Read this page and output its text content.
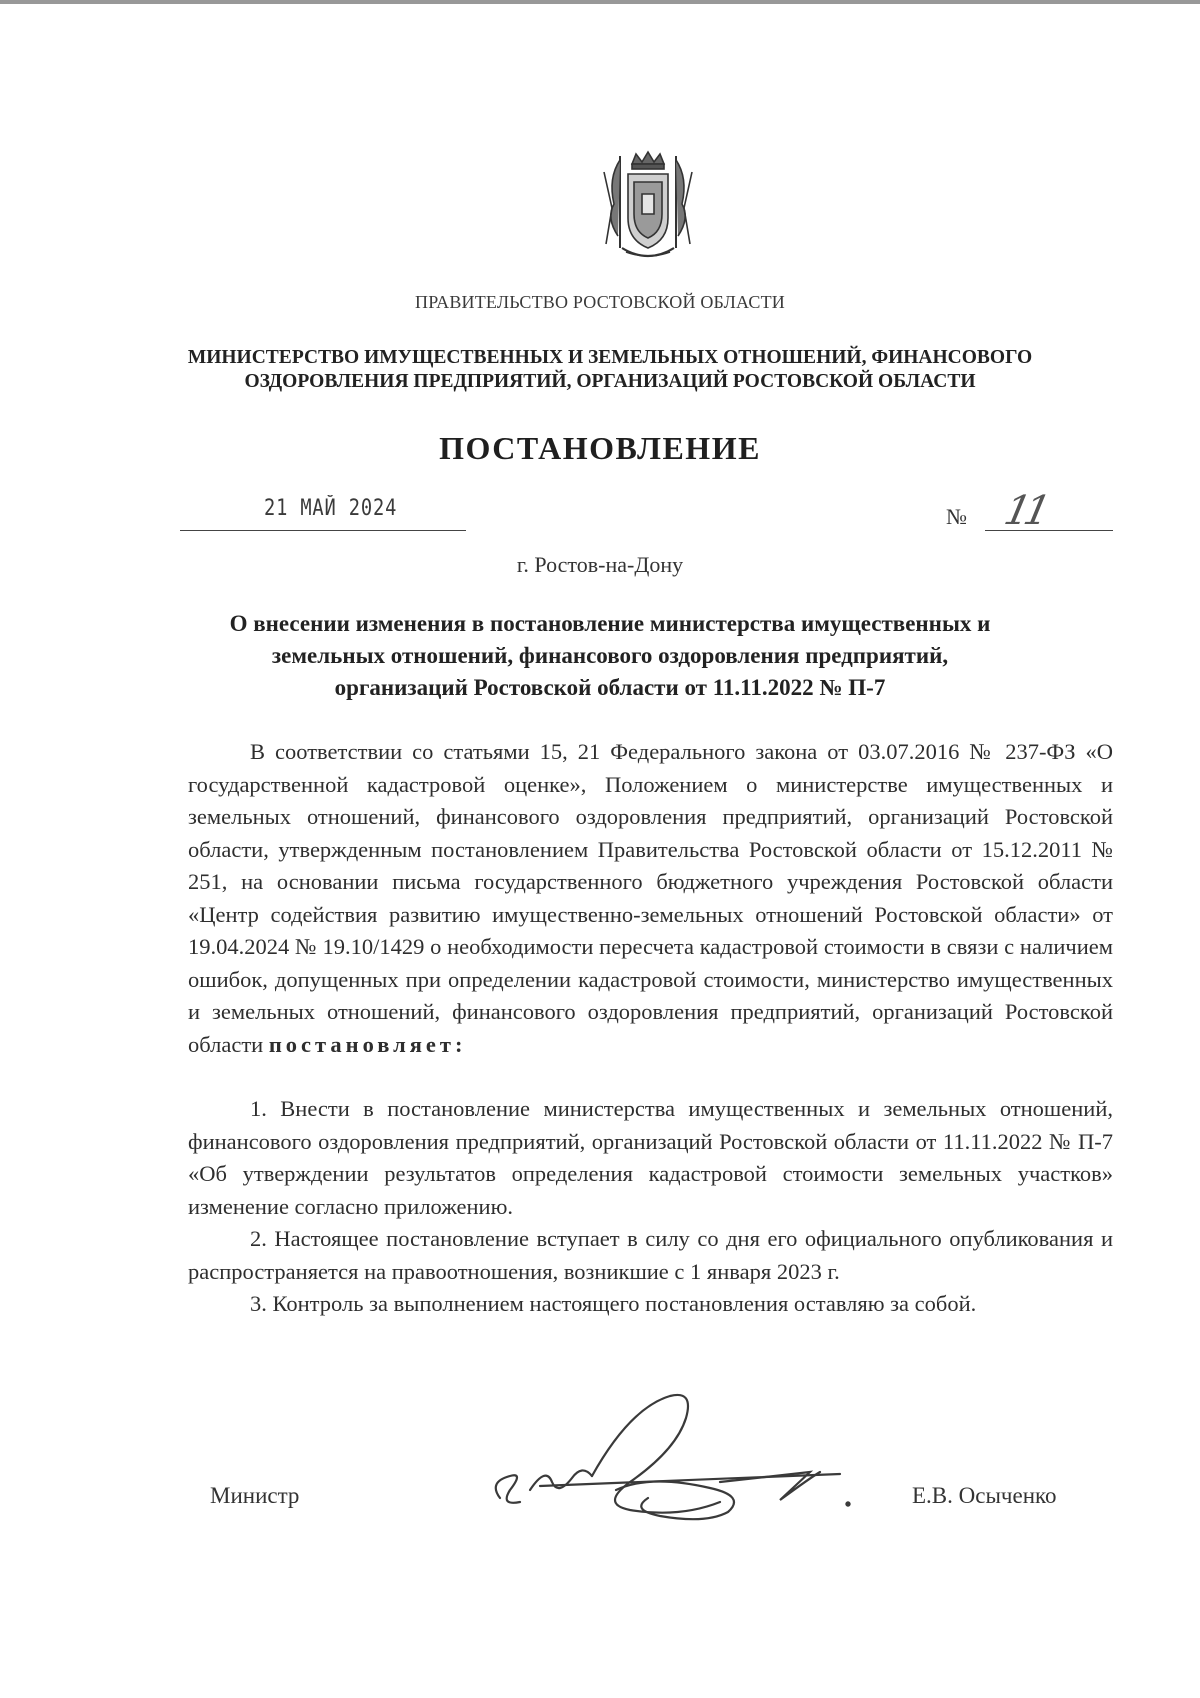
ПРАВИТЕЛЬСТВО РОСТОВСКОЙ ОБЛАСТИ
МИНИСТЕРСТВО ИМУЩЕСТВЕННЫХ И ЗЕМЕЛЬНЫХ ОТНОШЕНИЙ, ФИНАНСОВОГО
ОЗДОРОВЛЕНИЯ ПРЕДПРИЯТИЙ, ОРГАНИЗАЦИЙ РОСТОВСКОЙ ОБЛАСТИ
ПОСТАНОВЛЕНИЕ
21 МАЙ 2024	№ 11
г. Ростов-на-Дону
О внесении изменения в постановление министерства имущественных и
земельных отношений, финансового оздоровления предприятий,
организаций Ростовской области от 11.11.2022 № П-7

В соответствии со статьями 15, 21 Федерального закона от 03.07.2016 № 237-ФЗ «О государственной кадастровой оценке», Положением о министерстве имущественных и земельных отношений, финансового оздоровления предприятий, организаций Ростовской области, утвержденным постановлением Правительства Ростовской области от 15.12.2011 № 251, на основании письма государственного бюджетного учреждения Ростовской области «Центр содействия развитию имущественно-земельных отношений Ростовской области» от 19.04.2024 № 19.10/1429 о необходимости пересчета кадастровой стоимости в связи с наличием ошибок, допущенных при определении кадастровой стоимости, министерство имущественных и земельных отношений, финансового оздоровления предприятий, организаций Ростовской области постановляет:

1. Внести в постановление министерства имущественных и земельных отношений, финансового оздоровления предприятий, организаций Ростовской области от 11.11.2022 № П-7 «Об утверждении результатов определения кадастровой стоимости земельных участков» изменение согласно приложению.

2. Настоящее постановление вступает в силу со дня его официального опубликования и распространяется на правоотношения, возникшие с 1 января 2023 г.

3. Контроль за выполнением настоящего постановления оставляю за собой.

Министр	Е.В. Осыченко
